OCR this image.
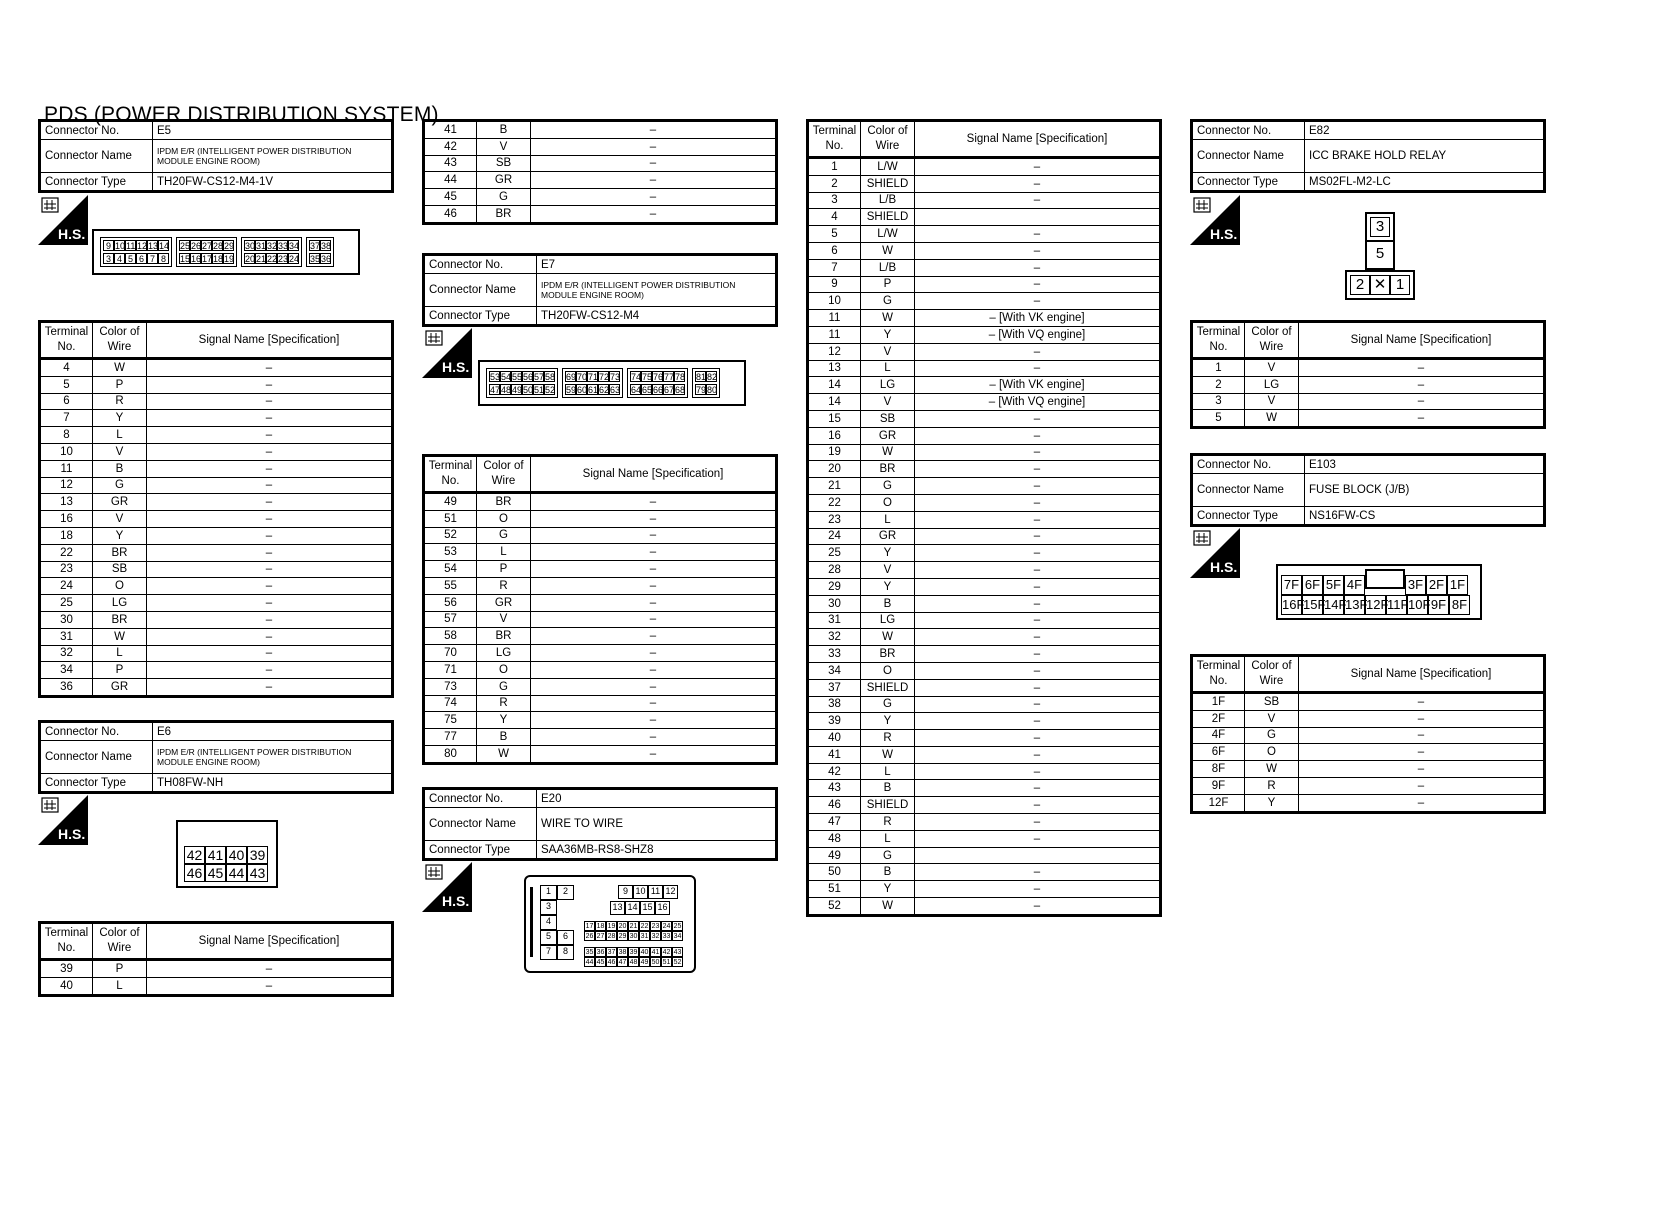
PDS (POWER DISTRIBUTION SYSTEM)
Connector No.	E5
Connector Name	IPDM E/R (INTELLIGENT POWER DISTRIBUTION MODULE ENGINE ROOM)
Connector Type	TH20FW-CS12-M4-1V
H.S.
9 1011 121314
3 4 5 6 7 8
2526272829
1516171819
3031323334
2021222324
3738
3536
Terminal No.	Color of Wire	Signal Name [Specification]
4	W	–
5	P	–
6	R	–
7	Y	–
8	L	–
10	V	–
11	B	–
12	G	–
13	GR	–
16	V	–
18	Y	–
22	BR	–
23	SB	–
24	O	–
25	LG	–
30	BR	–
31	W	–
32	L	–
34	P	–
36	GR	–
Connector No.	E6
Connector Name	IPDM E/R (INTELLIGENT POWER DISTRIBUTION MODULE ENGINE ROOM)
Connector Type	TH08FW-NH
H.S.
42 41 40 39
46 45 44 43
Terminal No.	Color of Wire	Signal Name [Specification]
39	P	–
40	L	–
41	B	–
42	V	–
43	SB	–
44	GR	–
45	G	–
46	BR	–
Connector No.	E7
Connector Name	IPDM E/R (INTELLIGENT POWER DISTRIBUTION MODULE ENGINE ROOM)
Connector Type	TH20FW-CS12-M4
H.S.
535455565758
474849505152
6970717273
5960616263
7475767778
6465666768
8182
7980
Terminal No.	Color of Wire	Signal Name [Specification]
49	BR	–
51	O	–
52	G	–
53	L	–
54	P	–
55	R	–
56	GR	–
57	V	–
58	BR	–
70	LG	–
71	O	–
73	G	–
74	R	–
75	Y	–
77	B	–
80	W	–
Connector No.	E20
Connector Name	WIRE TO WIRE
Connector Type	SAA36MB-RS8-SHZ8
H.S.
1 2
3
4
5 6
7 8
9 10 11 12
13 14 15 16
17 18 19 20 21 22 23 24 25
26 27 28 29 30 31 32 33 34
35 36 37 38 39 40 41 42 43
44 45 46 47 48 49 50 51 52
Terminal No.	Color of Wire	Signal Name [Specification]
1	L/W	–
2	SHIELD	–
3	L/B	–
4	SHIELD	
5	L/W	–
6	W	–
7	L/B	–
9	P	–
10	G	–
11	W	– [With VK engine]
11	Y	– [With VQ engine]
12	V	–
13	L	–
14	LG	– [With VK engine]
14	V	– [With VQ engine]
15	SB	–
16	GR	–
19	W	–
20	BR	–
21	G	–
22	O	–
23	L	–
24	GR	–
25	Y	–
28	V	–
29	Y	–
30	B	–
31	LG	–
32	W	–
33	BR	–
34	O	–
37	SHIELD	–
38	G	–
39	Y	–
40	R	–
41	W	–
42	L	–
43	B	–
46	SHIELD	–
47	R	–
48	L	–
49	G	
50	B	–
51	Y	–
52	W	–
Connector No.	E82
Connector Name	ICC BRAKE HOLD RELAY
Connector Type	MS02FL-M2-LC
H.S.	3
5
2 ✕ 1
Terminal No.	Color of Wire	Signal Name [Specification]
1	V	–
2	LG	–
3	V	–
5	W	–
Connector No.	E103
Connector Name	FUSE BLOCK (J/B)
Connector Type	NS16FW-CS
H.S.
7F 6F 5F 4F	3F 2F 1F
16F15F14F13F12F11F10F9F 8F
Terminal No.	Color of Wire	Signal Name [Specification]
1F	SB	–
2F	V	–
4F	G	–
6F	O	–
8F	W	–
9F	R	–
12F	Y	–
